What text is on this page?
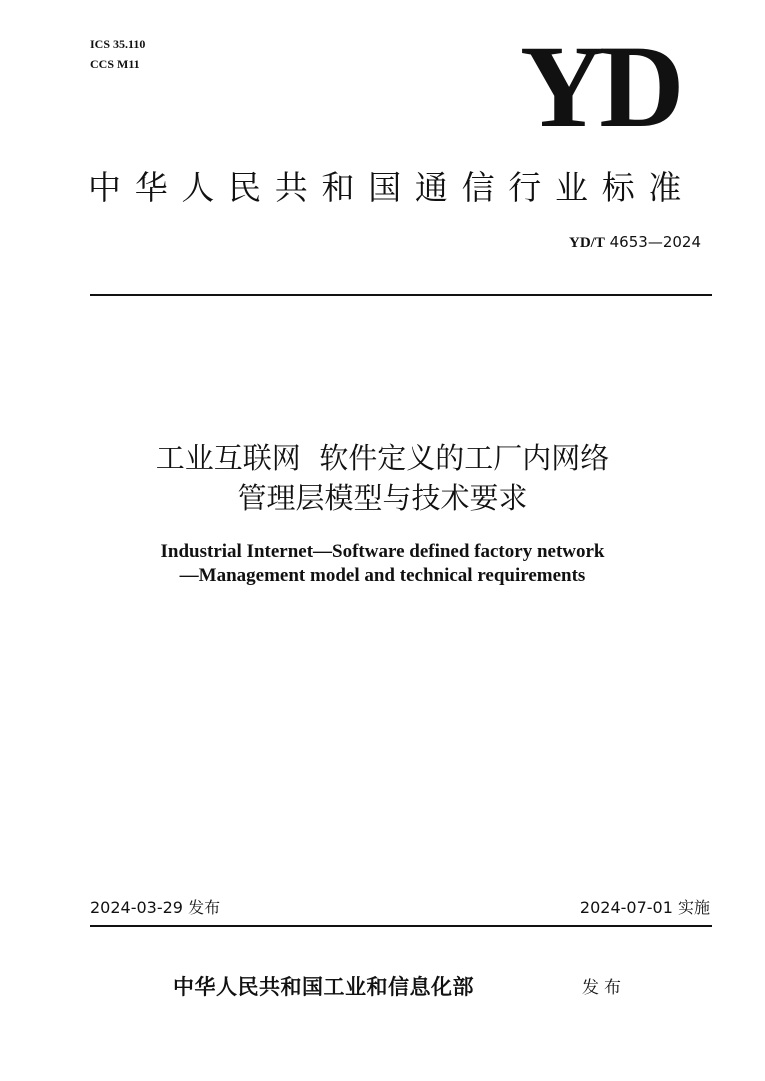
ICS 35.110
CCS M11	YD
中华人民共和国通信行业标准
YD/T 4653—2024
工业互联网  软件定义的工厂内网络
管理层模型与技术要求
Industrial Internet—Software defined factory network
—Management model and technical requirements
2024-03-29 发布	2024-07-01 实施
中华人民共和国工业和信息化部	发布
